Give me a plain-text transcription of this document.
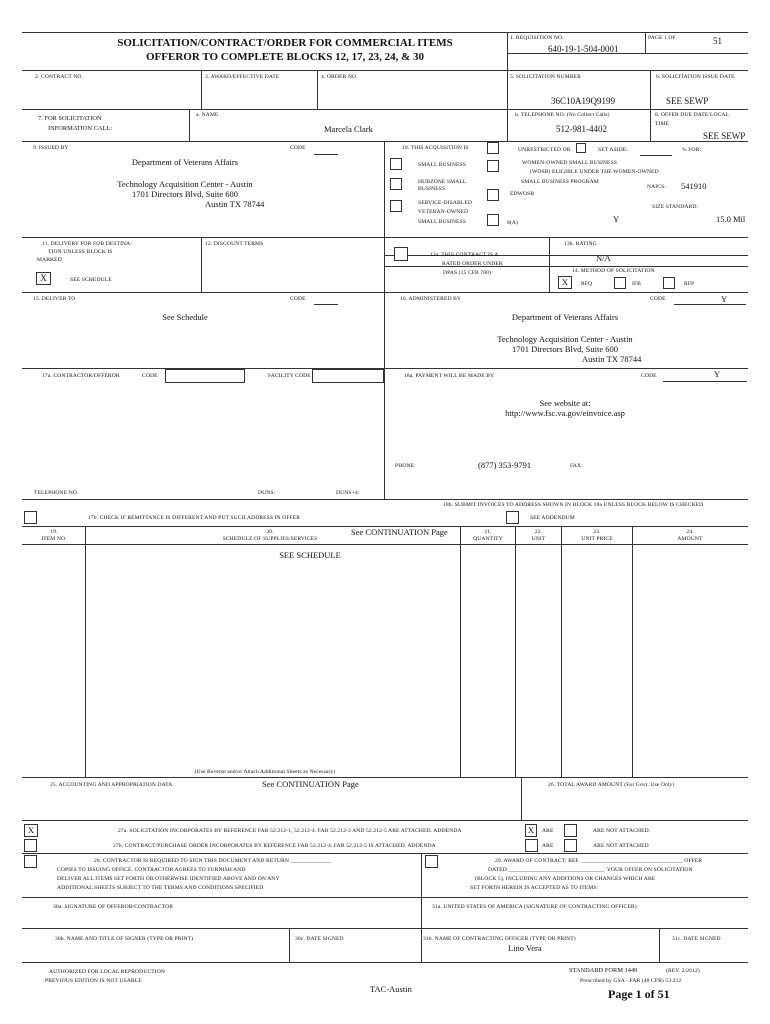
SOLICITATION/CONTRACT/ORDER FOR COMMERCIAL ITEMS
OFFEROR TO COMPLETE BLOCKS 12, 17, 23, 24, & 30
1. REQUISITION NO.
640-19-1-504-0001
PAGE 1 OF	51
2. CONTRACT NO.	3. AWARD/EFFECTIVE DATE	4. ORDER NO.	5. SOLICITATION NUMBER
36C10A19Q9199
6. SOLICITATION ISSUE DATE
SEE SEWP
7. FOR SOLICITATION
INFORMATION CALL:
a. NAME
Marcela Clark
b. TELEPHONE NO. (No Collect Calls)
512-981-4402
8. OFFER DUE DATE/LOCAL
TIME
SEE SEWP
9. ISSUED BY	CODE
Department of Veterans Affairs
Technology Acquisition Center - Austin
1701 Directors Blvd, Suite 600
Austin TX 78744
10. THIS ACQUISITION IS	UNRESTRICTED OR	SET ASIDE:	% FOR:
SMALL BUSINESS
HUBZONE SMALL
BUSINESS
SERVICE-DISABLED
VETERAN-OWNED
SMALL BUSINESS
WOMEN-OWNED SMALL BUSINESS
(WOSB) ELIGIBLE UNDER THE WOMEN-OWNED
SMALL BUSINESS PROGRAM
EDWOSB
8(A)
NAICS: 541910
SIZE STANDARD:
Y	15.0 Mil
11. DELIVERY FOR FOB DESTINA-
TION UNLESS BLOCK IS
MARKED
X	SEE SCHEDULE
12. DISCOUNT TERMS
13a. THIS CONTRACT IS A
RATED ORDER UNDER
DPAS (15 CFR 700)
13b. RATING
N/A
14. METHOD OF SOLICITATION
X	RFQ	IFB	RFP
15. DELIVER TO	CODE
See Schedule
16. ADMINISTERED BY	CODE	Y
Department of Veterans Affairs
Technology Acquisition Center - Austin
1701 Directors Blvd, Suite 600
Austin TX 78744
17a. CONTRACTOR/OFFEROR	CODE	FACILITY CODE	18a. PAYMENT WILL BE MADE BY	CODE	Y
See website at:
http://www.fsc.va.gov/einvoice.asp
PHONE:	(877) 353-9791	FAX:
TELEPHONE NO.	DUNS:	DUNS+4:
18b. SUBMIT INVOICES TO ADDRESS SHOWN IN BLOCK 18a UNLESS BLOCK BELOW IS CHECKED
17b. CHECK IF REMITTANCE IS DIFFERENT AND PUT SUCH ADDRESS IN OFFER	SEE ADDENDUM
19.
ITEM NO.
20.
SCHEDULE OF SUPPLIES/SERVICES
See CONTINUATION Page	21.
QUANTITY
22.
UNIT
23.
UNIT PRICE
24.
AMOUNT
SEE SCHEDULE
(Use Reverse and/or Attach Additional Sheets as Necessary)
25. ACCOUNTING AND APPROPRIATION DATA	See CONTINUATION Page	26. TOTAL AWARD AMOUNT (For Govt. Use Only)
X	27a. SOLICITATION INCORPORATES BY REFERENCE FAR 52.212-1, 52.212-4. FAR 52.212-3 AND 52.212-5 ARE ATTACHED. ADDENDA	X	ARE	ARE NOT ATTACHED.
27b. CONTRACT/PURCHASE ORDER INCORPORATES BY REFERENCE FAR 52.212-4. FAR 52.212-5 IS ATTACHED. ADDENDA	ARE	ARE NOT ATTACHED
28. CONTRACTOR IS REQUIRED TO SIGN THIS DOCUMENT AND RETURN ______________
COPIES TO ISSUING OFFICE. CONTRACTOR AGREES TO FURNISH AND
DELIVER ALL ITEMS SET FORTH OR OTHERWISE IDENTIFIED ABOVE AND ON ANY
ADDITIONAL SHEETS SUBJECT TO THE TERMS AND CONDITIONS SPECIFIED
29. AWARD OF CONTRACT: REF. ___________________________________ OFFER
DATED _________________________________. YOUR OFFER ON SOLICITATION
(BLOCK 5), INCLUDING ANY ADDITIONS OR CHANGES WHICH ARE
SET FORTH HEREIN IS ACCEPTED AS TO ITEMS:
30a. SIGNATURE OF OFFEROR/CONTRACTOR	31a. UNITED STATES OF AMERICA (SIGNATURE OF CONTRACTING OFFICER)
30b. NAME AND TITLE OF SIGNER (TYPE OR PRINT)	30c. DATE SIGNED	31b. NAME OF CONTRACTING OFFICER (TYPE OR PRINT)
Lino Vera
31c. DATE SIGNED
AUTHORIZED FOR LOCAL REPRODUCTION
PREVIOUS EDITION IS NOT USABLE
TAC-Austin
STANDARD FORM 1449	(REV. 2/2012)
Prescribed by GSA - FAR (48 CFR) 53.212
Page 1 of 51
